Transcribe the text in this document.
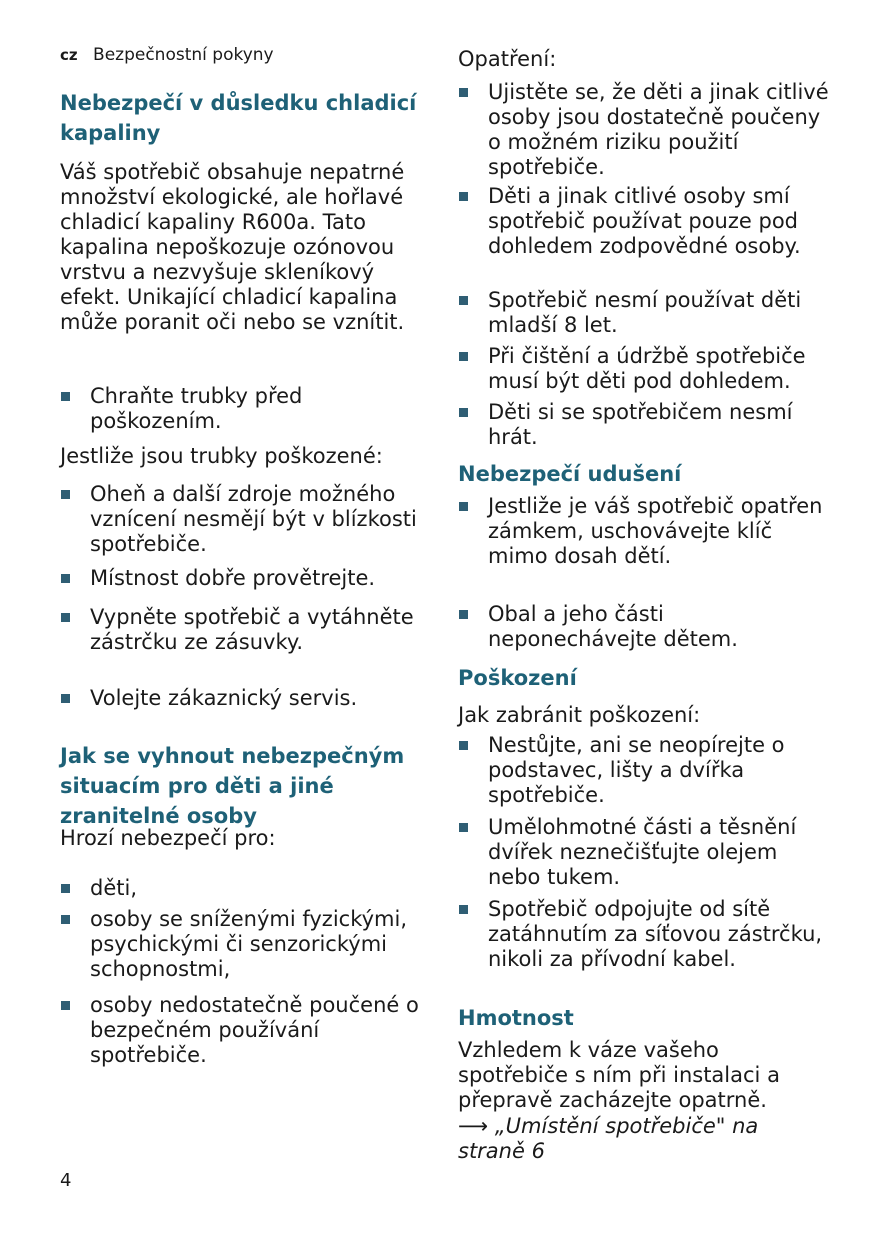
cz Bezpečnostní pokyny
Nebezpečí v důsledku chladicí kapaliny

Váš spotřebič obsahuje nepatrné množství ekologické, ale hořlavé chladicí kapaliny R600a. Tato kapalina nepoškozuje ozónovou vrstvu a nezvyšuje skleníkový efekt. Unikající chladicí kapalina může poranit oči nebo se vznítit.

Chraňte trubky před poškozením.

Jestliže jsou trubky poškozené:

Oheň a další zdroje možného vznícení nesmějí být v blízkosti spotřebiče.
Místnost dobře provětrejte.
Vypněte spotřebič a vytáhněte zástrčku ze zásuvky.
Volejte zákaznický servis.
Jak se vyhnout nebezpečným situacím pro děti a jiné zranitelné osoby

Hrozí nebezpečí pro:

děti,
osoby se sníženými fyzickými, psychickými či senzorickými schopnostmi,
osoby nedostatečně poučené o bezpečném používání spotřebiče.

Opatření:

Ujistěte se, že děti a jinak citlivé osoby jsou dostatečně poučeny o možném riziku použití spotřebiče.
Děti a jinak citlivé osoby smí spotřebič používat pouze pod dohledem zodpovědné osoby.
Spotřebič nesmí používat děti mladší 8 let.
Při čištění a údržbě spotřebiče musí být děti pod dohledem.
Děti si se spotřebičem nesmí hrát.
Nebezpečí udušení
Jestliže je váš spotřebič opatřen zámkem, uschovávejte klíč mimo dosah dětí.
Obal a jeho části neponechávejte dětem.
Poškození

Jak zabránit poškození:

Nestůjte, ani se neopírejte o podstavec, lišty a dvířka spotřebiče.
Umělohmotné části a těsnění dvířek neznečišťujte olejem nebo tukem.
Spotřebič odpojujte od sítě zatáhnutím za síťovou zástrčku, nikoli za přívodní kabel.
Hmotnost

Vzhledem k váze vašeho spotřebiče s ním při instalaci a přepravě zacházejte opatrně.

⟶ „Umístění spotřebiče" na straně 6

4
